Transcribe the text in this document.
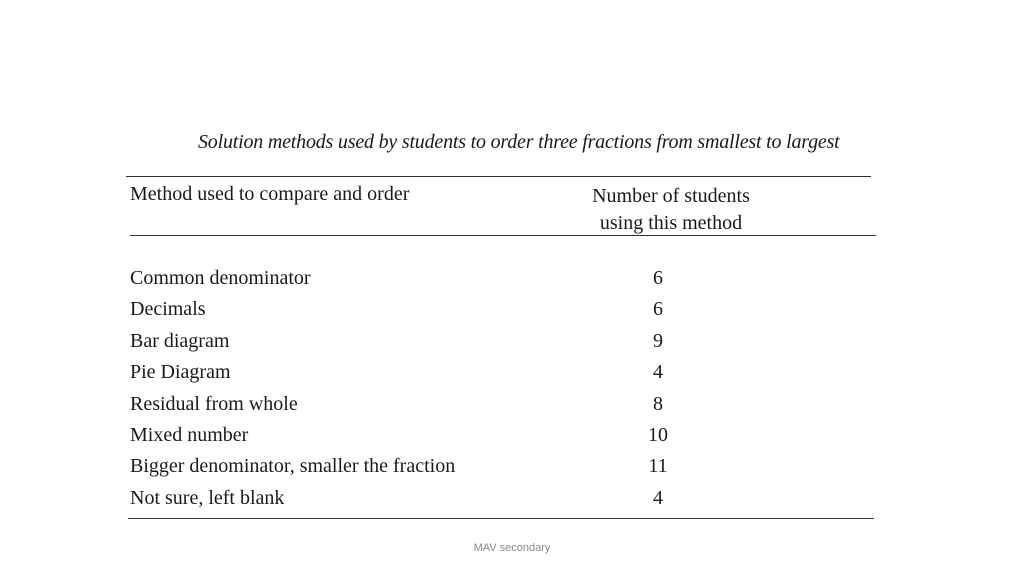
Solution methods used by students to order three fractions from smallest to largest
Method used to compare and order	Number of students
using this method
Common denominator	6
Decimals	6
Bar diagram	9
Pie Diagram	4
Residual from whole	8
Mixed number	10
Bigger denominator, smaller the fraction	11
Not sure, left blank	4
MAV secondary
